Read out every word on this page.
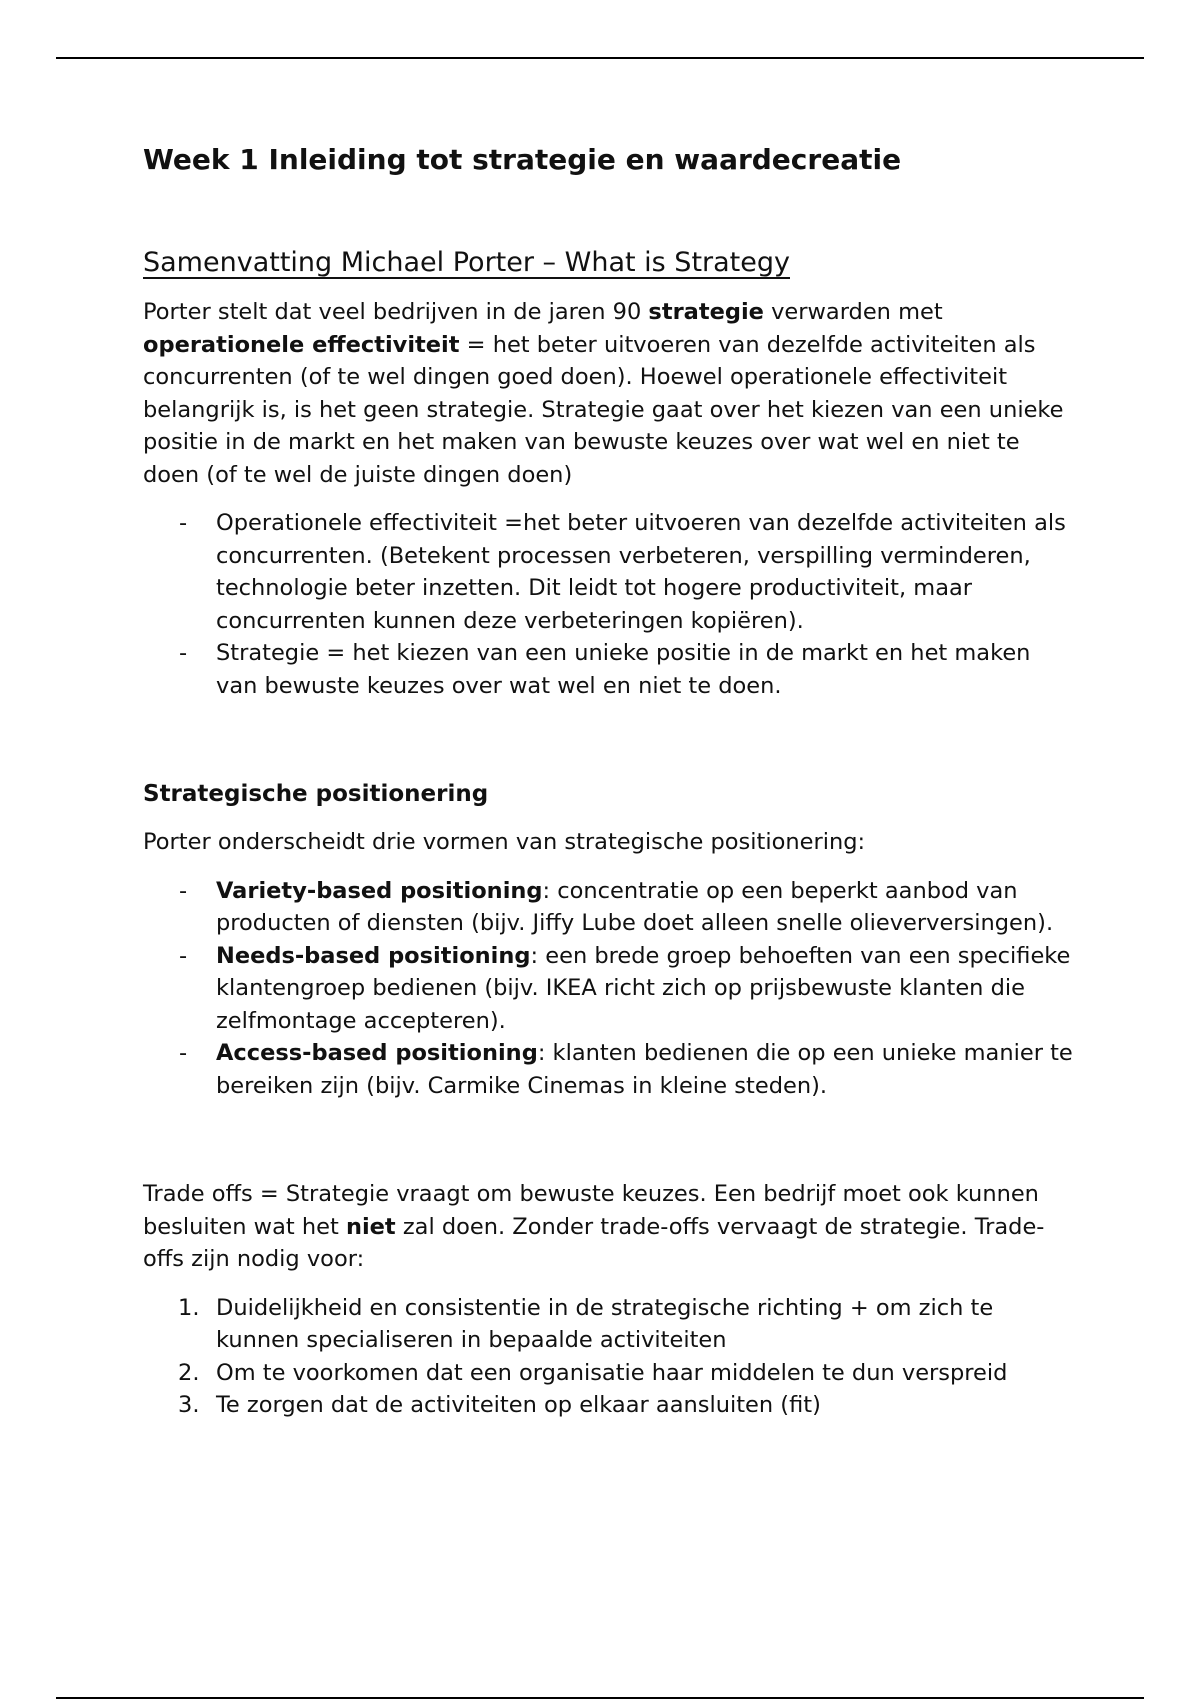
Week 1 Inleiding tot strategie en waardecreatie
Samenvatting Michael Porter – What is Strategy

Porter stelt dat veel bedrijven in de jaren 90 strategie verwarden met
operationele effectiviteit = het beter uitvoeren van dezelfde activiteiten als concurrenten (of te wel dingen goed doen). Hoewel operationele effectiviteit belangrijk is, is het geen strategie. Strategie gaat over het kiezen van een unieke positie in de markt en het maken van bewuste keuzes over wat wel en niet te doen (of te wel de juiste dingen doen)

- Operationele effectiviteit =het beter uitvoeren van dezelfde activiteiten als concurrenten. (Betekent processen verbeteren, verspilling verminderen, technologie beter inzetten. Dit leidt tot hogere productiviteit, maar concurrenten kunnen deze verbeteringen kopiëren).
- Strategie = het kiezen van een unieke positie in de markt en het maken van bewuste keuzes over wat wel en niet te doen.
Strategische positionering

Porter onderscheidt drie vormen van strategische positionering:

- Variety-based positioning: concentratie op een beperkt aanbod van producten of diensten (bijv. Jiffy Lube doet alleen snelle olieverversingen).
- Needs-based positioning: een brede groep behoeften van een specifieke klantengroep bedienen (bijv. IKEA richt zich op prijsbewuste klanten die zelfmontage accepteren).
- Access-based positioning: klanten bedienen die op een unieke manier te bereiken zijn (bijv. Carmike Cinemas in kleine steden).

Trade offs = Strategie vraagt om bewuste keuzes. Een bedrijf moet ook kunnen besluiten wat het niet zal doen. Zonder trade-offs vervaagt de strategie. Trade-offs zijn nodig voor:

1. Duidelijkheid en consistentie in de strategische richting + om zich te kunnen specialiseren in bepaalde activiteiten
2. Om te voorkomen dat een organisatie haar middelen te dun verspreid
3. Te zorgen dat de activiteiten op elkaar aansluiten (fit)
